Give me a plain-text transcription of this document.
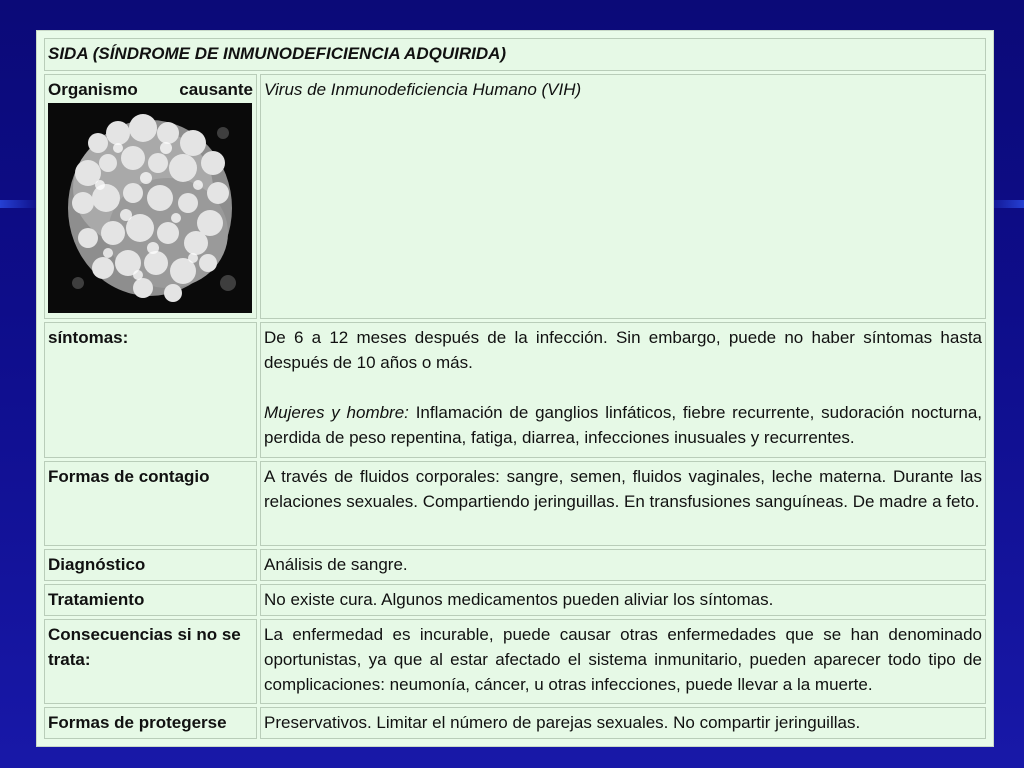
SIDA (SÍNDROME DE INMUNODEFICIENCIA ADQUIRIDA)	

Organismo causante	Virus de Inmunodeficiencia Humano (VIH)
síntomas:	De 6 a 12 meses después de la infección. Sin embargo, puede no haber síntomas hasta después de 10 años o más.
Mujeres y hombre: Inflamación de ganglios linfáticos, fiebre recurrente, sudoración nocturna, perdida de peso repentina, fatiga, diarrea, infecciones inusuales y recurrentes.

Formas de contagio	A través de fluidos corporales: sangre, semen, fluidos vaginales, leche materna. Durante las relaciones sexuales. Compartiendo jeringuillas. En transfusiones sanguíneas. De madre a feto.
Diagnóstico	Análisis de sangre.
Tratamiento	No existe cura. Algunos medicamentos pueden aliviar los síntomas.
Consecuencias si no se trata:	La enfermedad es incurable, puede causar otras enfermedades que se han denominado oportunistas, ya que al estar afectado el sistema inmunitario, pueden aparecer todo tipo de complicaciones: neumonía, cáncer, u otras infecciones, puede llevar a la muerte.
Formas de protegerse	Preservativos. Limitar el número de parejas sexuales. No compartir jeringuillas.
